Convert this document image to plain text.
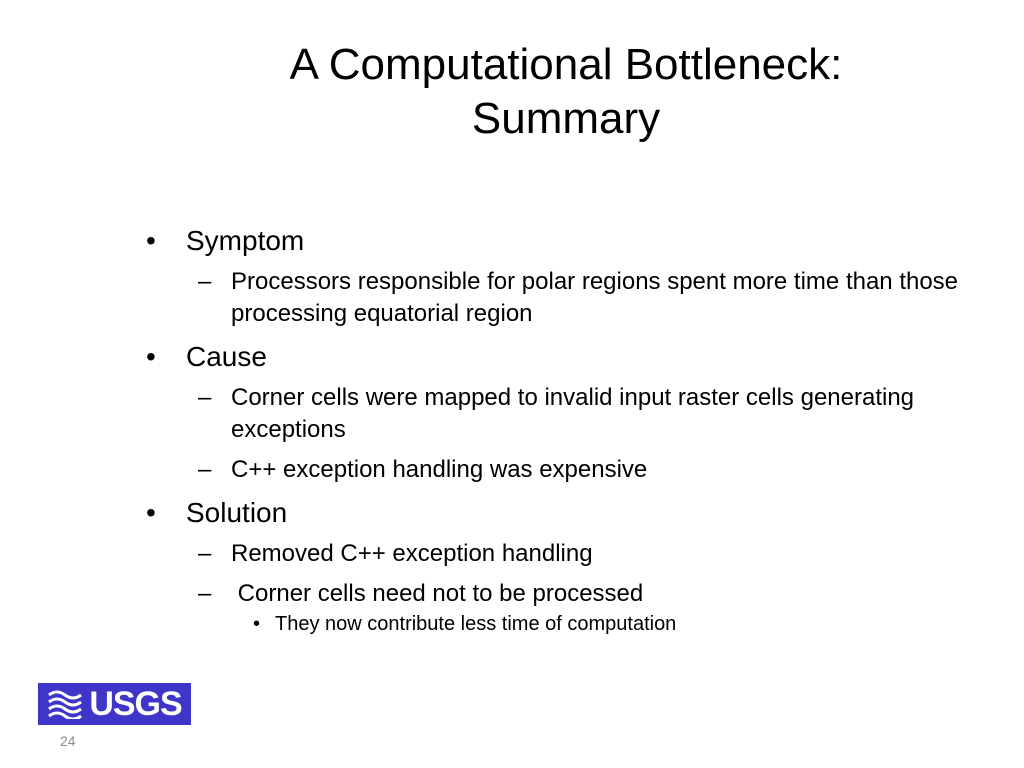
A Computational Bottleneck: Summary

• Symptom

– Processors responsible for polar regions spent more time than those processing equatorial region

• Cause

– Corner cells were mapped to invalid input raster cells generating exceptions

– C++ exception handling was expensive

• Solution

– Removed C++ exception handling

– Corner cells need not to be processed

• They now contribute less time of computation

USGS
24
